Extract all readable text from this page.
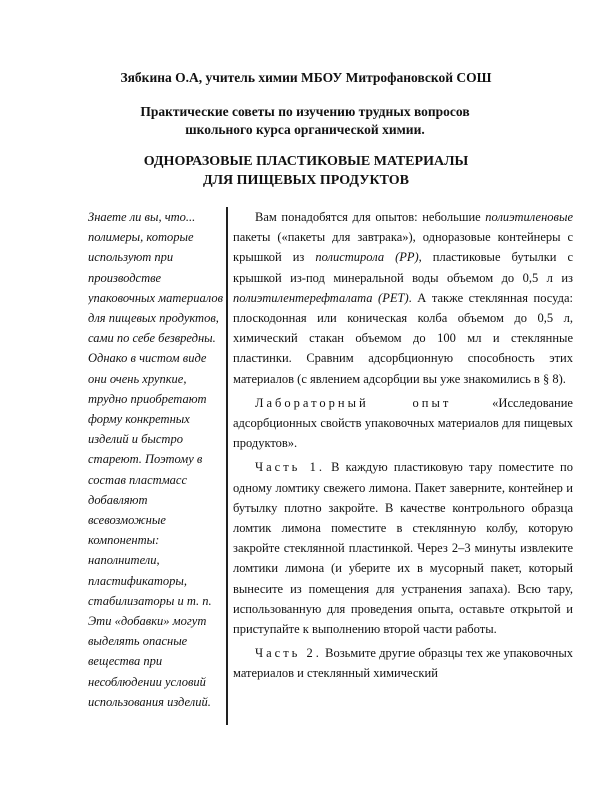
Зябкина О.А, учитель химии МБОУ Митрофановской СОШ
Практические советы по изучению трудных вопросов школьного курса органической химии.
ОДНОРАЗОВЫЕ ПЛАСТИКОВЫЕ МАТЕРИАЛЫ
ДЛЯ ПИЩЕВЫХ ПРОДУКТОВ

Знаете ли вы, что... полимеры, которые используют при производстве упаковочных материалов для пищевых продуктов, сами по себе безвредны.

Однако в чистом виде они очень хрупкие, трудно приобретают форму конкретных изделий и быстро стареют. Поэтому в состав пластмасс добавляют всевозможные компоненты: наполнители, пластификаторы, стабилизаторы и т. п. Эти «добавки» могут выделять опасные вещества при несоблюдении условий использования изделий.

Вам понадобятся для опытов: небольшие полиэтиленовые пакеты («пакеты для завтрака»), одноразовые контейнеры с крышкой из полистирола (PP), пластиковые бутылки с крышкой из-под минеральной воды объемом до 0,5 л из полиэтилентерефталата (PET). А также стеклянная посуда: плоскодонная или коническая колба объемом до 0,5 л, химический стакан объемом до 100 мл и стеклянные пластинки. Сравним адсорбционную способность этих материалов (с явлением адсорбции вы уже знакомились в § 8).

Лабораторный опыт «Исследование адсорбционных свойств упаковочных материалов для пищевых продуктов».

Часть 1. В каждую пластиковую тару поместите по одному ломтику свежего лимона. Пакет заверните, контейнер и бутылку плотно закройте. В качестве контрольного образца ломтик лимона поместите в стеклянную колбу, которую закройте стеклянной пластинкой. Через 2–3 минуты извлеките ломтики лимона (и уберите их в мусорный пакет, который вынесите из помещения для устранения запаха). Всю тару, использованную для проведения опыта, оставьте открытой и приступайте к выполнению второй части работы.

Часть 2. Возьмите другие образцы тех же упаковочных материалов и стеклянный химический
